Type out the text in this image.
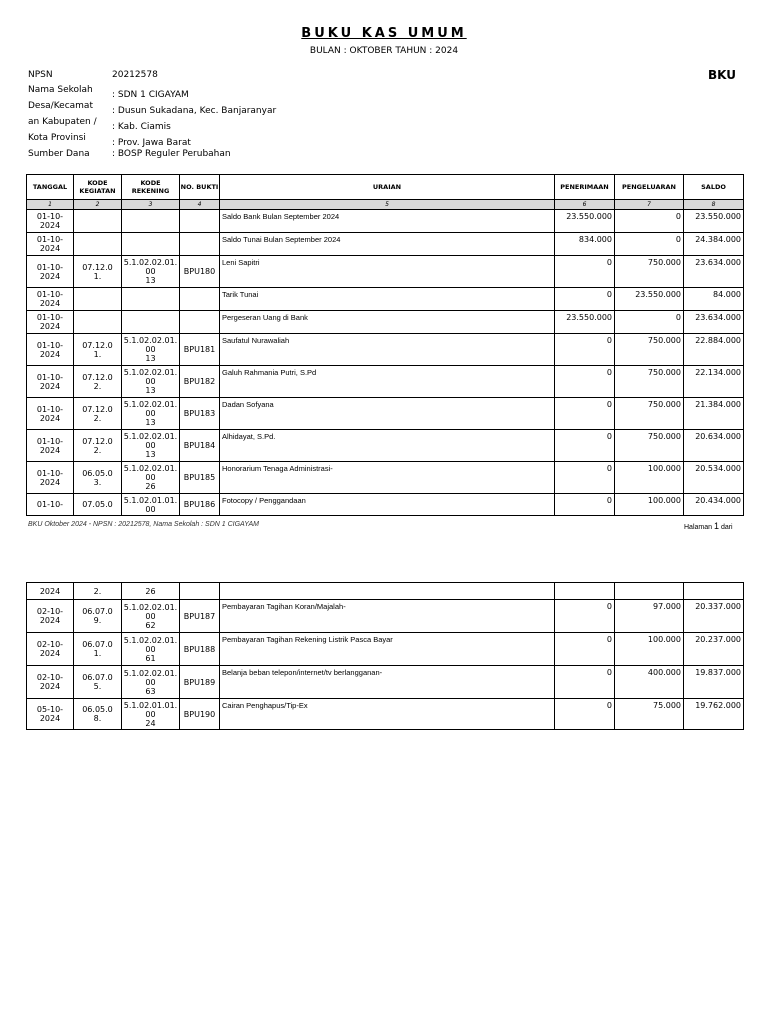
BUKU KAS UMUM
BULAN : OKTOBER TAHUN : 2024
BKU
NPSN	20212578
Nama Sekolah : SDN 1 CIGAYAM
Desa/Kecamat : Dusun Sukadana, Kec. Banjaranyar
an Kabupaten / : Kab. Ciamis
Kota Provinsi	: Prov. Jawa Barat
Sumber Dana : BOSP Reguler Perubahan
TANGGAL	KODE KEGIATAN	KODE REKENING	NO. BUKTI	URAIAN	PENERIMAAN	PENGELUARAN	SALDO
1	2	3	4	5	6	7	8
01-10-
2024				Saldo Bank Bulan September 2024	23.550.000	0	23.550.000
01-10-
2024				Saldo Tunai Bulan September 2024	834.000	0	24.384.000
01-10-
2024	07.12.0
1.	5.1.02.02.01.
00
13	BPU180	Leni Sapitri	0	750.000	23.634.000
01-10-
2024				Tarik Tunai	0	23.550.000	84.000
01-10-
2024				Pergeseran Uang di Bank	23.550.000	0	23.634.000
01-10-
2024	07.12.0
1.	5.1.02.02.01.
00
13	BPU181	Saufatul Nurawaliah	0	750.000	22.884.000
01-10-
2024	07.12.0
2.	5.1.02.02.01.
00
13	BPU182	Galuh Rahmania Putri, S.Pd	0	750.000	22.134.000
01-10-
2024	07.12.0
2.	5.1.02.02.01.
00
13	BPU183	Dadan Sofyana	0	750.000	21.384.000
01-10-
2024	07.12.0
2.	5.1.02.02.01.
00
13	BPU184	Alhidayat, S.Pd.	0	750.000	20.634.000
01-10-
2024	06.05.0
3.	5.1.02.02.01.
00
26	BPU185	Honorarium Tenaga Administrasi-	0	100.000	20.534.000
01-10-	07.05.0	5.1.02.01.01.
00	BPU186	Fotocopy / Penggandaan	0	100.000	20.434.000
BKU Oktober 2024 - NPSN : 20212578, Nama Sekolah : SDN 1 CIGAYAM	Halaman 1 dari
2024	2.	26					
02-10-
2024	06.07.0
9.	5.1.02.02.01.
00
62	BPU187	Pembayaran Tagihan Koran/Majalah-	0	97.000	20.337.000
02-10-
2024	06.07.0
1.	5.1.02.02.01.
00
61	BPU188	Pembayaran Tagihan Rekening Listrik Pasca Bayar	0	100.000	20.237.000
02-10-
2024	06.07.0
5.	5.1.02.02.01.
00
63	BPU189	Belanja beban telepon/internet/tv berlangganan-	0	400.000	19.837.000
05-10-
2024	06.05.0
8.	5.1.02.01.01.
00
24	BPU190	Cairan Penghapus/Tip-Ex	0	75.000	19.762.000
